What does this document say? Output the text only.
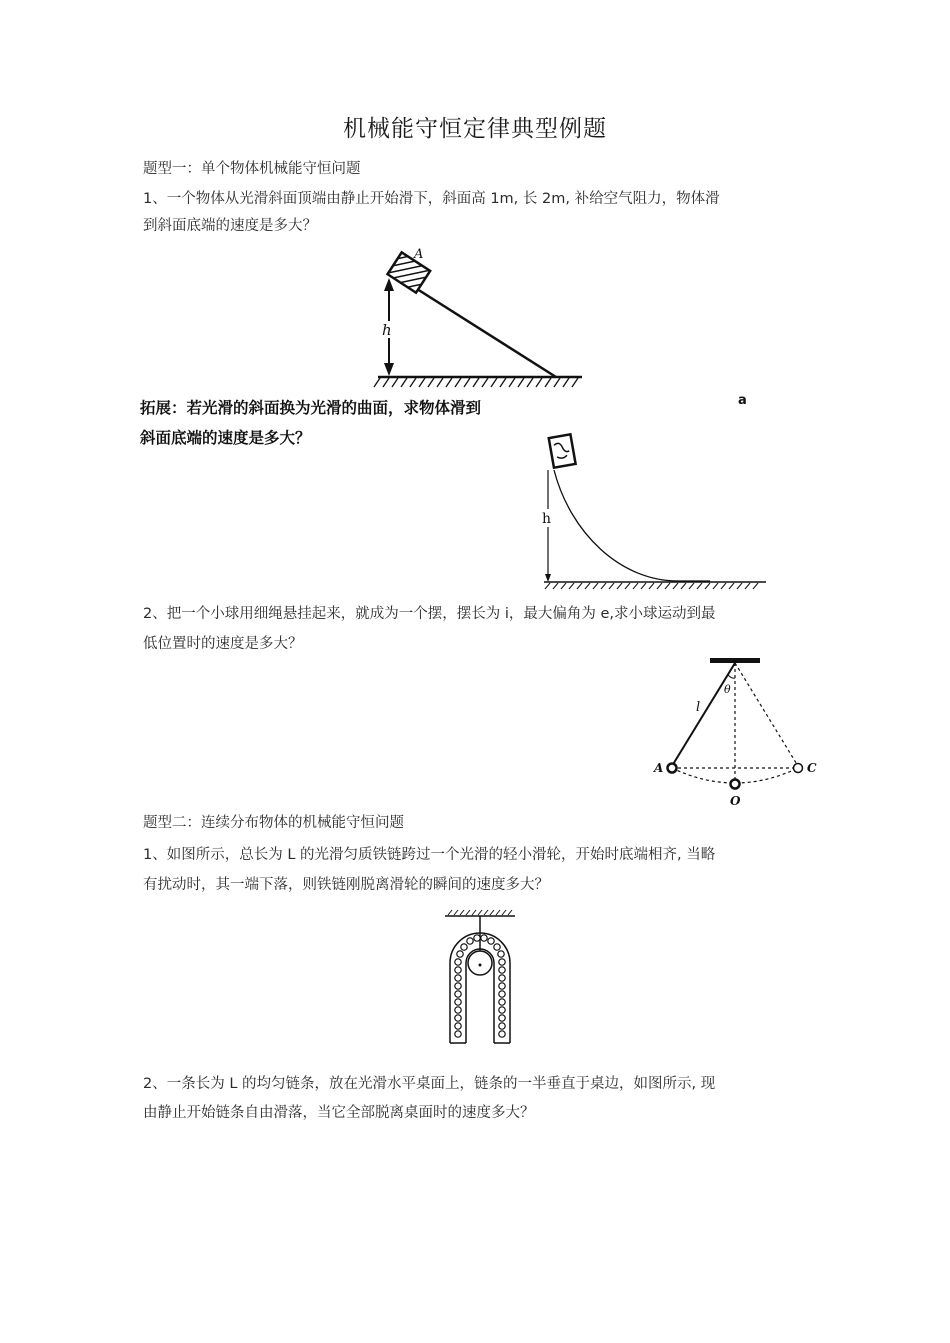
机械能守恒定律典型例题
题型一：单个物体机械能守恒问题
1、一个物体从光滑斜面顶端由静止开始滑下，斜面高 1m, 长 2m, 补给空气阻力，物体滑
到斜面底端的速度是多大？
A
h
拓展：若光滑的斜面换为光滑的曲面，求物体滑到
斜面底端的速度是多大？
a
h
2、把一个小球用细绳悬挂起来，就成为一个摆，摆长为 i，最大偏角为 e,求小球运动到最
低位置时的速度是多大？
θ
l
A	C
O
题型二：连续分布物体的机械能守恒问题
1、如图所示，总长为 L 的光滑匀质铁链跨过一个光滑的轻小滑轮，开始时底端相齐, 当略
有扰动时，其一端下落，则铁链刚脱离滑轮的瞬间的速度多大？
2、一条长为 L 的均匀链条，放在光滑水平桌面上，链条的一半垂直于桌边，如图所示, 现
由静止开始链条自由滑落，当它全部脱离桌面时的速度多大？
